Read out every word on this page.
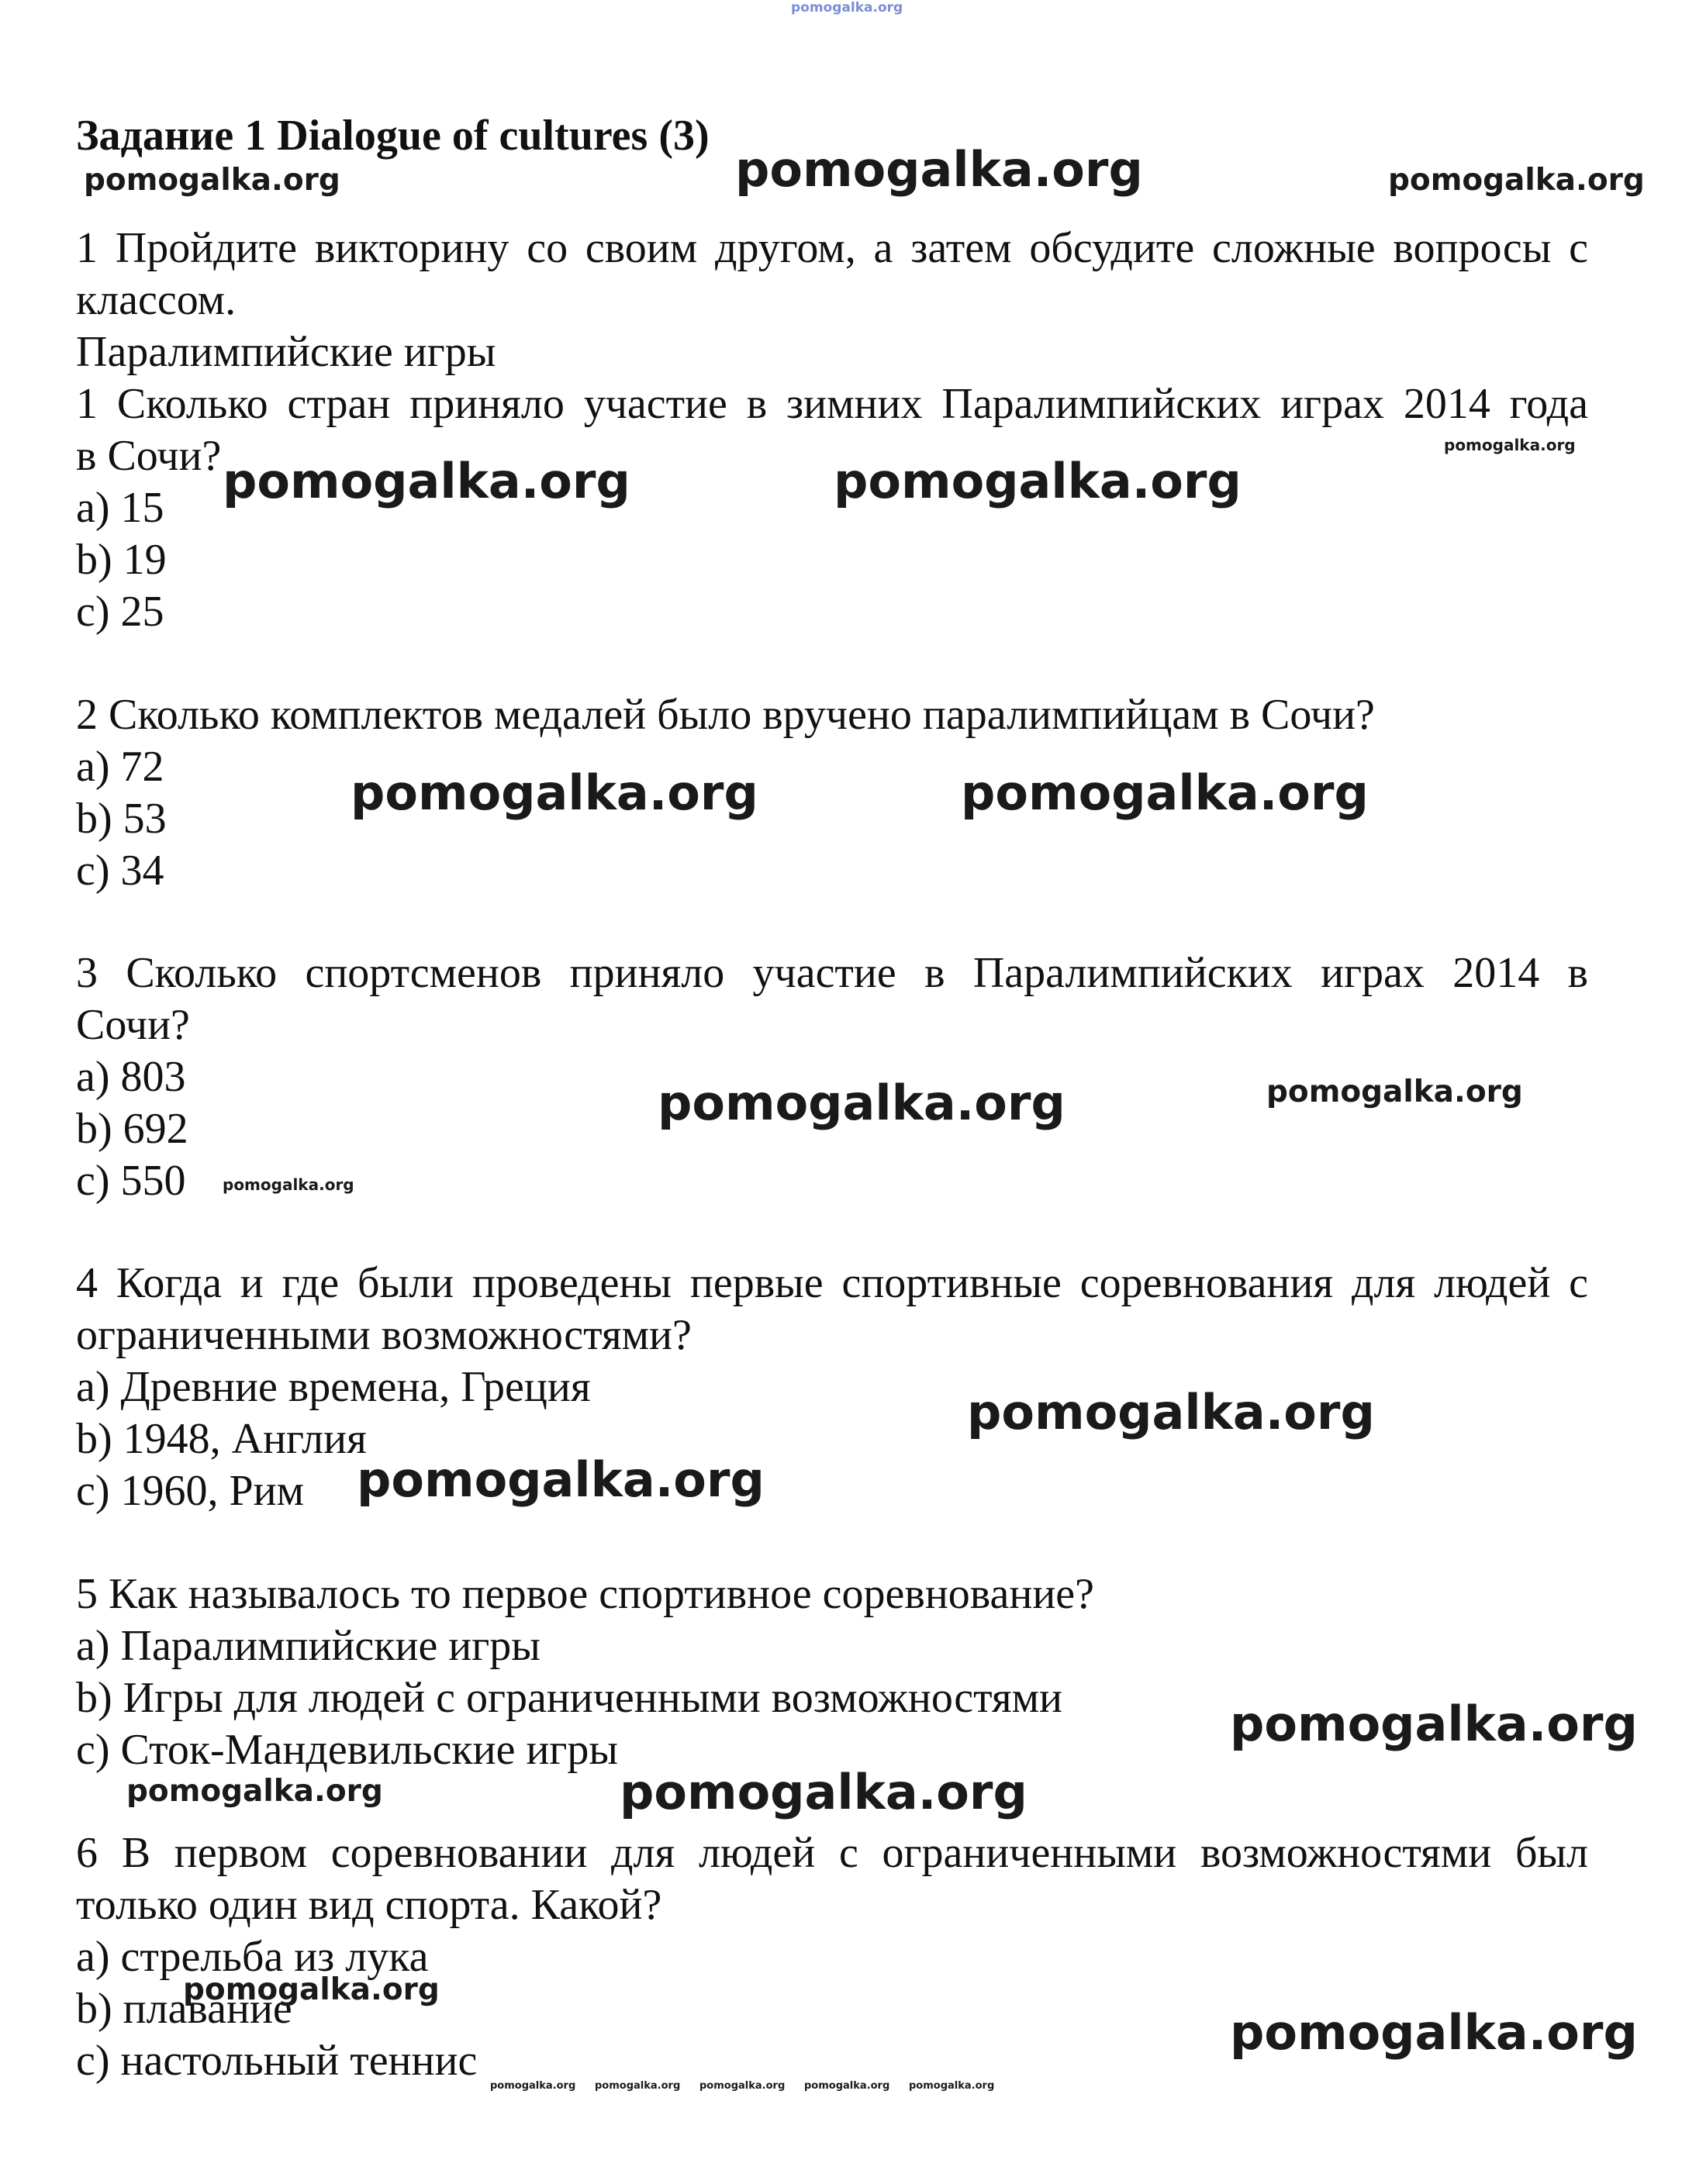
pomogalka.org
Задание 1 Dialogue of cultures (3)
1 Пройдите викторину со своим другом, а затем обсудите сложные вопросы с
классом.
Паралимпийские игры
1 Сколько стран приняло участие в зимних Паралимпийских играх 2014 года
в Сочи?
a) 15
b) 19
c) 25
2 Сколько комплектов медалей было вручено паралимпийцам в Сочи?
a) 72
b) 53
c) 34
3 Сколько спортсменов приняло участие в Паралимпийских играх 2014 в
Сочи?
a) 803
b) 692
c) 550
4 Когда и где были проведены первые спортивные соревнования для людей с
ограниченными возможностями?
a) Древние времена, Греция
b) 1948, Англия
c) 1960, Рим
5 Как называлось то первое спортивное соревнование?
a) Паралимпийские игры
b) Игры для людей с ограниченными возможностями
c) Сток-Мандевильские игры
6 В первом соревновании для людей с ограниченными возможностями был
только один вид спорта. Какой?
a) стрельба из лука
b) плавание
c) настольный теннис
pomogalka.org	pomogalka.org	pomogalka.org
pomogalka.org
pomogalka.org	pomogalka.org
pomogalka.org	pomogalka.org
pomogalka.org	pomogalka.org
pomogalka.org
pomogalka.org
pomogalka.org
pomogalka.org
pomogalka.org	pomogalka.org
pomogalka.org
pomogalka.org
pomogalka.org pomogalka.org pomogalka.org pomogalka.org pomogalka.org
